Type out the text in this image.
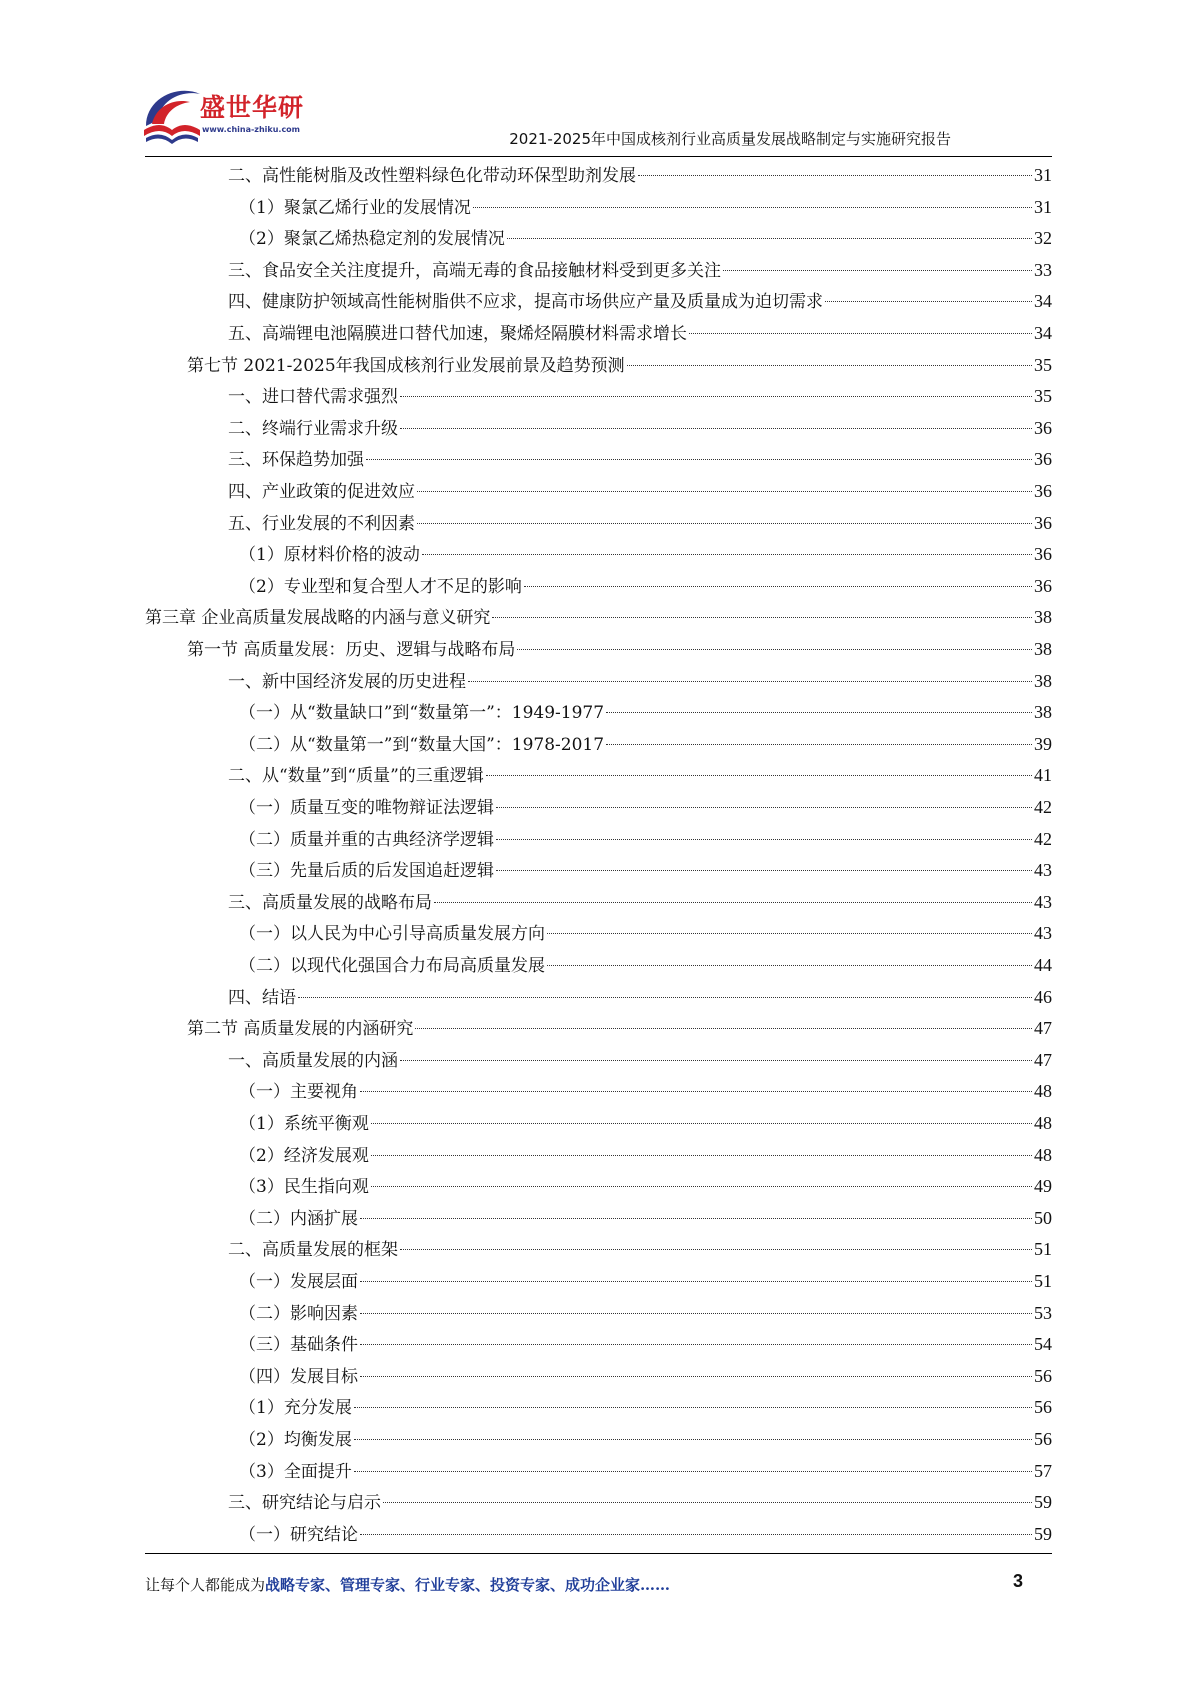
盛世华研
www.china-zhiku.com
2021-2025年中国成核剂行业高质量发展战略制定与实施研究报告
二、高性能树脂及改性塑料绿色化带动环保型助剂发展	31
（1）聚氯乙烯行业的发展情况	31
（2）聚氯乙烯热稳定剂的发展情况	32
三、食品安全关注度提升，高端无毒的食品接触材料受到更多关注	33
四、健康防护领域高性能树脂供不应求，提高市场供应产量及质量成为迫切需求	34
五、高端锂电池隔膜进口替代加速，聚烯烃隔膜材料需求增长	34
第七节 2021-2025年我国成核剂行业发展前景及趋势预测	35
一、进口替代需求强烈	35
二、终端行业需求升级	36
三、环保趋势加强	36
四、产业政策的促进效应	36
五、行业发展的不利因素	36
（1）原材料价格的波动	36
（2）专业型和复合型人才不足的影响	36
第三章 企业高质量发展战略的内涵与意义研究	38
第一节 高质量发展：历史、逻辑与战略布局	38
一、新中国经济发展的历史进程	38
（一）从“数量缺口”到“数量第一”：1949-1977	38
（二）从“数量第一”到“数量大国”：1978-2017	39
二、从“数量”到“质量”的三重逻辑	41
（一）质量互变的唯物辩证法逻辑	42
（二）质量并重的古典经济学逻辑	42
（三）先量后质的后发国追赶逻辑	43
三、高质量发展的战略布局	43
（一）以人民为中心引导高质量发展方向	43
（二）以现代化强国合力布局高质量发展	44
四、结语	46
第二节 高质量发展的内涵研究	47
一、高质量发展的内涵	47
（一）主要视角	48
（1）系统平衡观	48
（2）经济发展观	48
（3）民生指向观	49
（二）内涵扩展	50
二、高质量发展的框架	51
（一）发展层面	51
（二）影响因素	53
（三）基础条件	54
（四）发展目标	56
（1）充分发展	56
（2）均衡发展	56
（3）全面提升	57
三、研究结论与启示	59
（一）研究结论	59
让每个人都能成为战略专家、管理专家、行业专家、投资专家、成功企业家……	3
